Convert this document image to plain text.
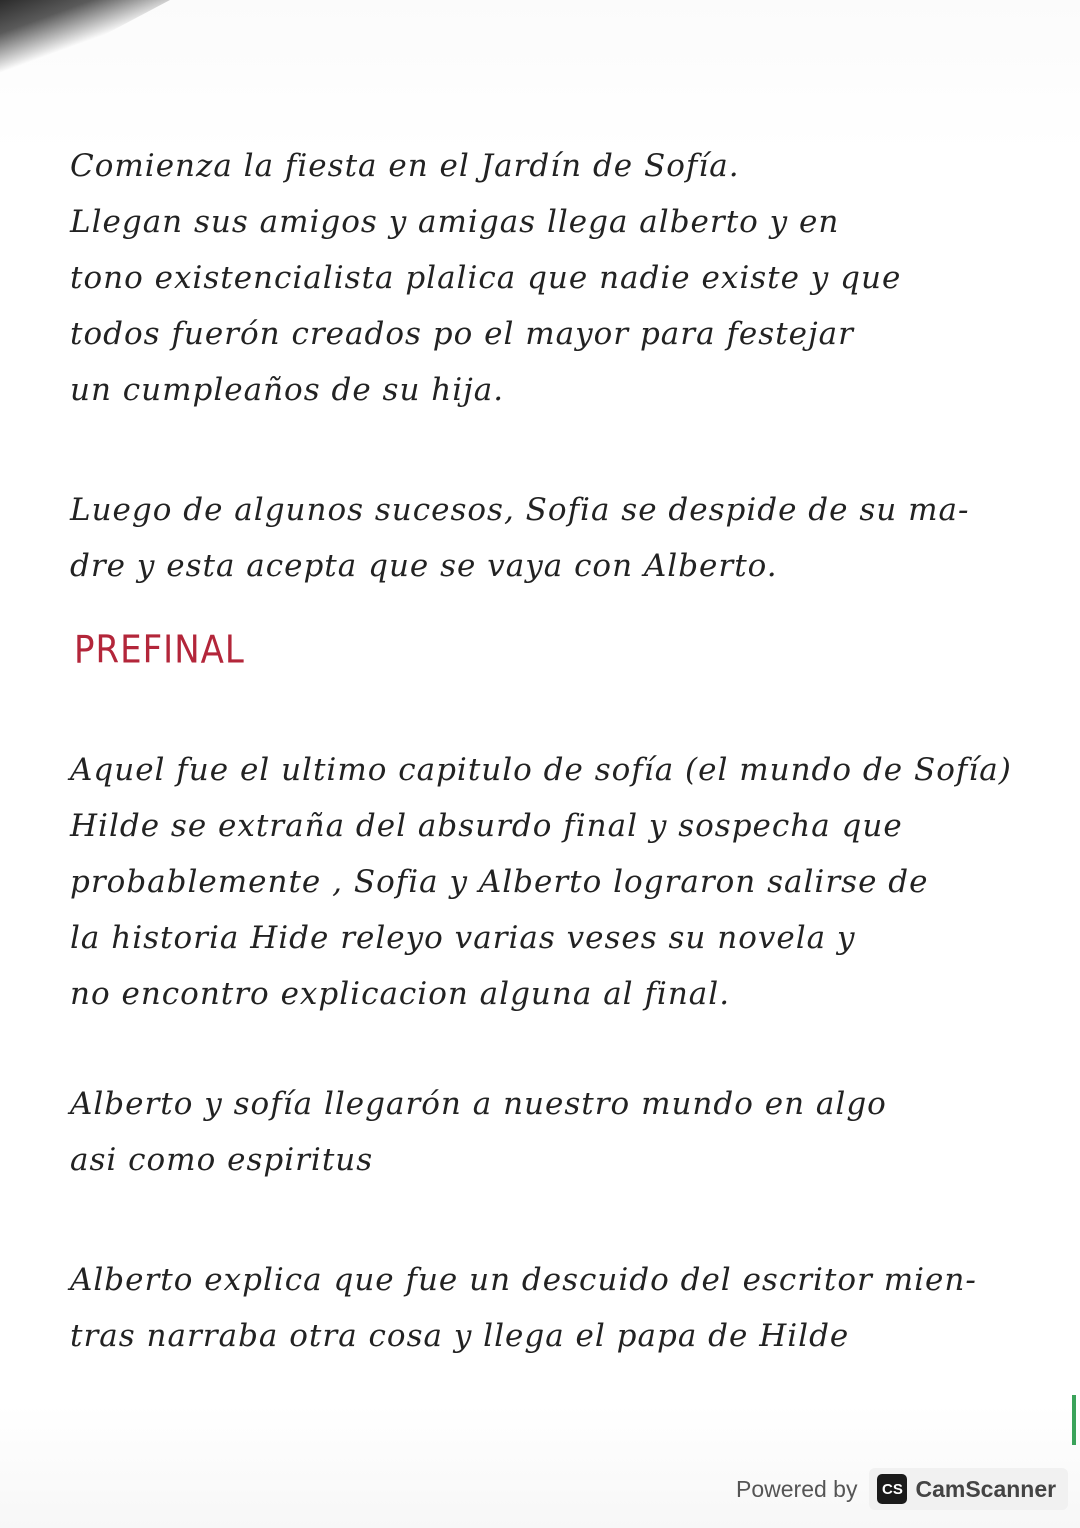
Comienza la fiesta en el Jardín de Sofía.
Llegan sus amigos y amigas llega alberto y en
tono existencialista plalica que nadie existe y que
todos fuerón creados po el mayor para festejar
un cumpleaños de su hija.
Luego de algunos sucesos, Sofia se despide de su ma-
dre y esta acepta que se vaya con Alberto.
PREFINAL
Aquel fue el ultimo capitulo de sofía (el mundo de Sofía)
Hilde se extraña del absurdo final y sospecha que
probablemente , Sofia y Alberto lograron salirse de
la historia Hide releyo varias veses su novela y
no encontro explicacion alguna al final.
Alberto y sofía llegarón a nuestro mundo en algo
asi como espiritus
Alberto explica que fue un descuido del escritor mien-
tras narraba otra cosa y llega el papa de Hilde
Powered by	CS CamScanner
